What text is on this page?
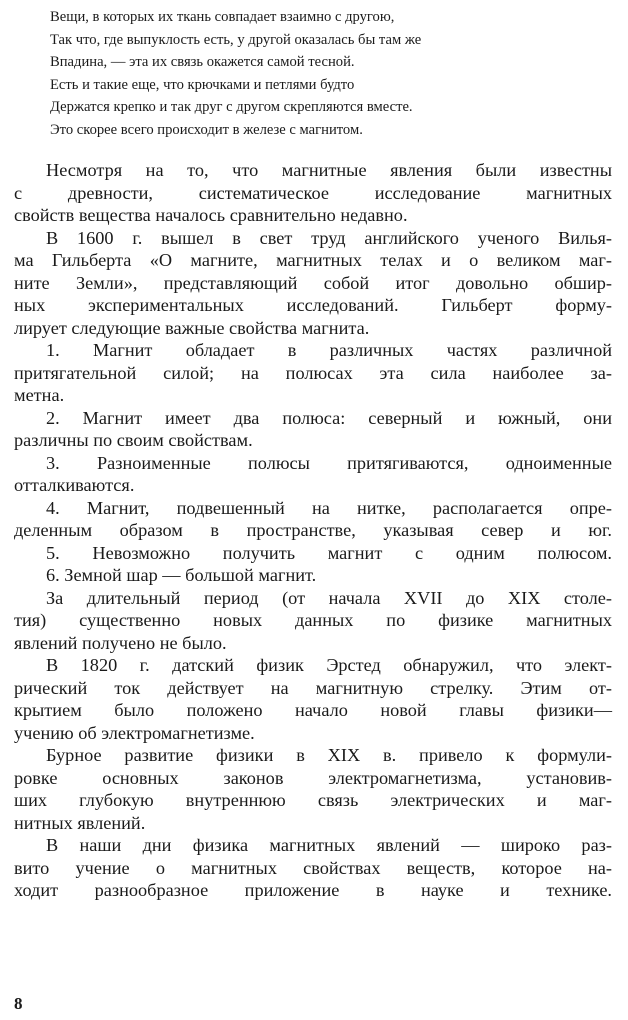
Вещи, в которых их ткань совпадает взаимно с другою,
Так что, где выпуклость есть, у другой оказалась бы там же
Впадина, — эта их связь окажется самой тесной.
Есть и такие еще, что крючками и петлями будто
Держатся крепко и так друг с другом скрепляются вместе.
Это скорее всего происходит в железе с магнитом.
Несмотря на то, что магнитные явления были известны
с древности, систематическое исследование магнитных
свойств вещества началось сравнительно недавно.
В 1600 г. вышел в свет труд английского ученого Вилья-
ма Гильберта «О магните, магнитных телах и о великом маг-
ните Земли», представляющий собой итог довольно обшир-
ных экспериментальных исследований. Гильберт форму-
лирует следующие важные свойства магнита.
1. Магнит обладает в различных частях различной
притягательной силой; на полюсах эта сила наиболее за-
метна.
2. Магнит имеет два полюса: северный и южный, они
различны по своим свойствам.
3. Разноименные полюсы притягиваются, одноименные
отталкиваются.
4. Магнит, подвешенный на нитке, располагается опре-
деленным образом в пространстве, указывая север и юг.
5. Невозможно получить магнит с одним полюсом.
6. Земной шар — большой магнит.
За длительный период (от начала XVII до XIX столе-
тия) существенно новых данных по физике магнитных
явлений получено не было.
В 1820 г. датский физик Эрстед обнаружил, что элект-
рический ток действует на магнитную стрелку. Этим от-
крытием было положено начало новой главы физики—
учению об электромагнетизме.
Бурное развитие физики в XIX в. привело к формули-
ровке основных законов электромагнетизма, установив-
ших глубокую внутреннюю связь электрических и маг-
нитных явлений.
В наши дни физика магнитных явлений — широко раз-
вито учение о магнитных свойствах веществ, которое на-
ходит разнообразное приложение в науке и технике.
8
